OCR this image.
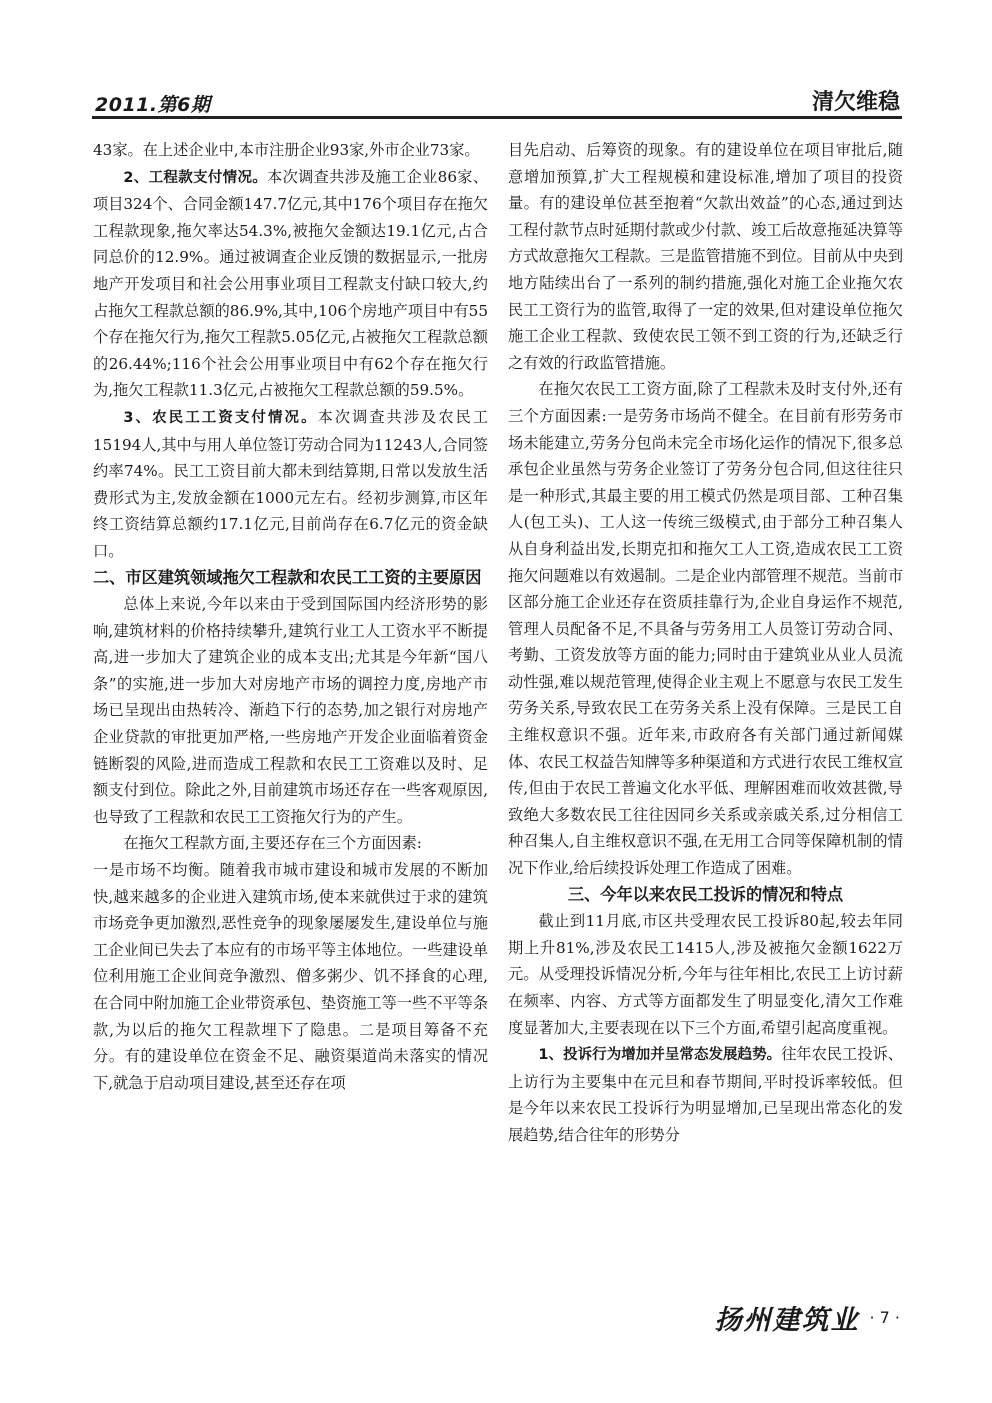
2011.第6期	清欠维稳

43家。在上述企业中,本市注册企业93家,外市企业73家。

2、工程款支付情况。本次调查共涉及施工企业86家、项目324个、合同金额147.7亿元,其中176个项目存在拖欠工程款现象,拖欠率达54.3%,被拖欠金额达19.1亿元,占合同总价的12.9%。通过被调查企业反馈的数据显示,一批房地产开发项目和社会公用事业项目工程款支付缺口较大,约占拖欠工程款总额的86.9%,其中,106个房地产项目中有55个存在拖欠行为,拖欠工程款5.05亿元,占被拖欠工程款总额的26.44%;116个社会公用事业项目中有62个存在拖欠行为,拖欠工程款11.3亿元,占被拖欠工程款总额的59.5%。

3、农民工工资支付情况。本次调查共涉及农民工15194人,其中与用人单位签订劳动合同为11243人,合同签约率74%。民工工资目前大都未到结算期,日常以发放生活费形式为主,发放金额在1000元左右。经初步测算,市区年终工资结算总额约17.1亿元,目前尚存在6.7亿元的资金缺口。

二、市区建筑领域拖欠工程款和农民工工资的主要原因

总体上来说,今年以来由于受到国际国内经济形势的影响,建筑材料的价格持续攀升,建筑行业工人工资水平不断提高,进一步加大了建筑企业的成本支出;尤其是今年新“国八条”的实施,进一步加大对房地产市场的调控力度,房地产市场已呈现出由热转冷、渐趋下行的态势,加之银行对房地产企业贷款的审批更加严格,一些房地产开发企业面临着资金链断裂的风险,进而造成工程款和农民工工资难以及时、足额支付到位。除此之外,目前建筑市场还存在一些客观原因,也导致了工程款和农民工工资拖欠行为的产生。

在拖欠工程款方面,主要还存在三个方面因素:

一是市场不均衡。随着我市城市建设和城市发展的不断加快,越来越多的企业进入建筑市场,使本来就供过于求的建筑市场竞争更加激烈,恶性竞争的现象屡屡发生,建设单位与施工企业间已失去了本应有的市场平等主体地位。一些建设单位利用施工企业间竞争激烈、僧多粥少、饥不择食的心理,在合同中附加施工企业带资承包、垫资施工等一些不平等条款,为以后的拖欠工程款埋下了隐患。二是项目筹备不充分。有的建设单位在资金不足、融资渠道尚未落实的情况下,就急于启动项目建设,甚至还存在项

目先启动、后筹资的现象。有的建设单位在项目审批后,随意增加预算,扩大工程规模和建设标准,增加了项目的投资量。有的建设单位甚至抱着“欠款出效益”的心态,通过到达工程付款节点时延期付款或少付款、竣工后故意拖延决算等方式故意拖欠工程款。三是监管措施不到位。目前从中央到地方陆续出台了一系列的制约措施,强化对施工企业拖欠农民工工资行为的监管,取得了一定的效果,但对建设单位拖欠施工企业工程款、致使农民工领不到工资的行为,还缺乏行之有效的行政监管措施。

在拖欠农民工工资方面,除了工程款未及时支付外,还有三个方面因素:一是劳务市场尚不健全。在目前有形劳务市场未能建立,劳务分包尚未完全市场化运作的情况下,很多总承包企业虽然与劳务企业签订了劳务分包合同,但这往往只是一种形式,其最主要的用工模式仍然是项目部、工种召集人(包工头)、工人这一传统三级模式,由于部分工种召集人从自身利益出发,长期克扣和拖欠工人工资,造成农民工工资拖欠问题难以有效遏制。二是企业内部管理不规范。当前市区部分施工企业还存在资质挂靠行为,企业自身运作不规范,管理人员配备不足,不具备与劳务用工人员签订劳动合同、考勤、工资发放等方面的能力;同时由于建筑业从业人员流动性强,难以规范管理,使得企业主观上不愿意与农民工发生劳务关系,导致农民工在劳务关系上没有保障。三是民工自主维权意识不强。近年来,市政府各有关部门通过新闻媒体、农民工权益告知牌等多种渠道和方式进行农民工维权宣传,但由于农民工普遍文化水平低、理解困难而收效甚微,导致绝大多数农民工往往因同乡关系或亲戚关系,过分相信工种召集人,自主维权意识不强,在无用工合同等保障机制的情况下作业,给后续投诉处理工作造成了困难。

三、今年以来农民工投诉的情况和特点

截止到11月底,市区共受理农民工投诉80起,较去年同期上升81%,涉及农民工1415人,涉及被拖欠金额1622万元。从受理投诉情况分析,今年与往年相比,农民工上访讨薪在频率、内容、方式等方面都发生了明显变化,清欠工作难度显著加大,主要表现在以下三个方面,希望引起高度重视。

1、投诉行为增加并呈常态发展趋势。往年农民工投诉、上访行为主要集中在元旦和春节期间,平时投诉率较低。但是今年以来农民工投诉行为明显增加,已呈现出常态化的发展趋势,结合往年的形势分

扬州建筑业 · 7 ·
